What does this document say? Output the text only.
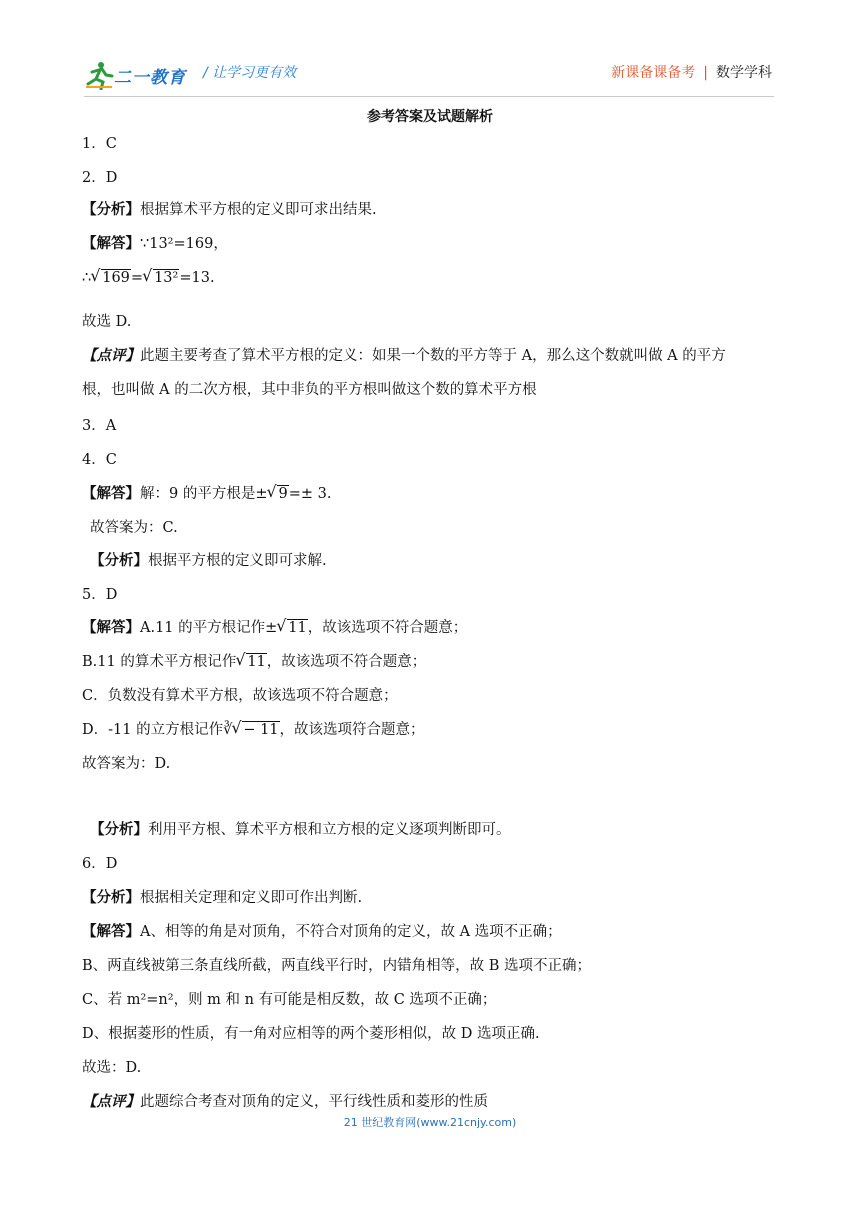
二一教育 / 让学习更有效	新课备课备考 | 数学学科
参考答案及试题解析
1．C
2．D
【分析】根据算术平方根的定义即可求出结果.
【解答】∵13²=169，
∴ √ 169= √ 13²=13.
故选 D.
【点评】此题主要考查了算术平方根的定义：如果一个数的平方等于 A，那么这个数就叫做 A 的平方
根，也叫做 A 的二次方根，其中非负的平方根叫做这个数的算术平方根
3．A
4．C
【解答】解：9 的平方根是± √ 9=± 3.
故答案为：C.
【分析】根据平方根的定义即可求解.
5．D
【解答】A.11 的平方根记作± √ 11，故该选项不符合题意；
B.11 的算术平方根记作 √ 11，故该选项不符合题意；
C．负数没有算术平方根，故该选项不符合题意；
D．-11 的立方根记作∛ √ − 11，故该选项符合题意；
故答案为：D.
【分析】利用平方根、算术平方根和立方根的定义逐项判断即可。
6．D
【分析】根据相关定理和定义即可作出判断.
【解答】A、相等的角是对顶角，不符合对顶角的定义，故 A 选项不正确；
B、两直线被第三条直线所截，两直线平行时，内错角相等，故 B 选项不正确；
C、若 m²=n²，则 m 和 n 有可能是相反数，故 C 选项不正确；
D、根据菱形的性质，有一角对应相等的两个菱形相似，故 D 选项正确.
故选：D.
【点评】此题综合考查对顶角的定义，平行线性质和菱形的性质
21 世纪教育网(www.21cnjy.com)
